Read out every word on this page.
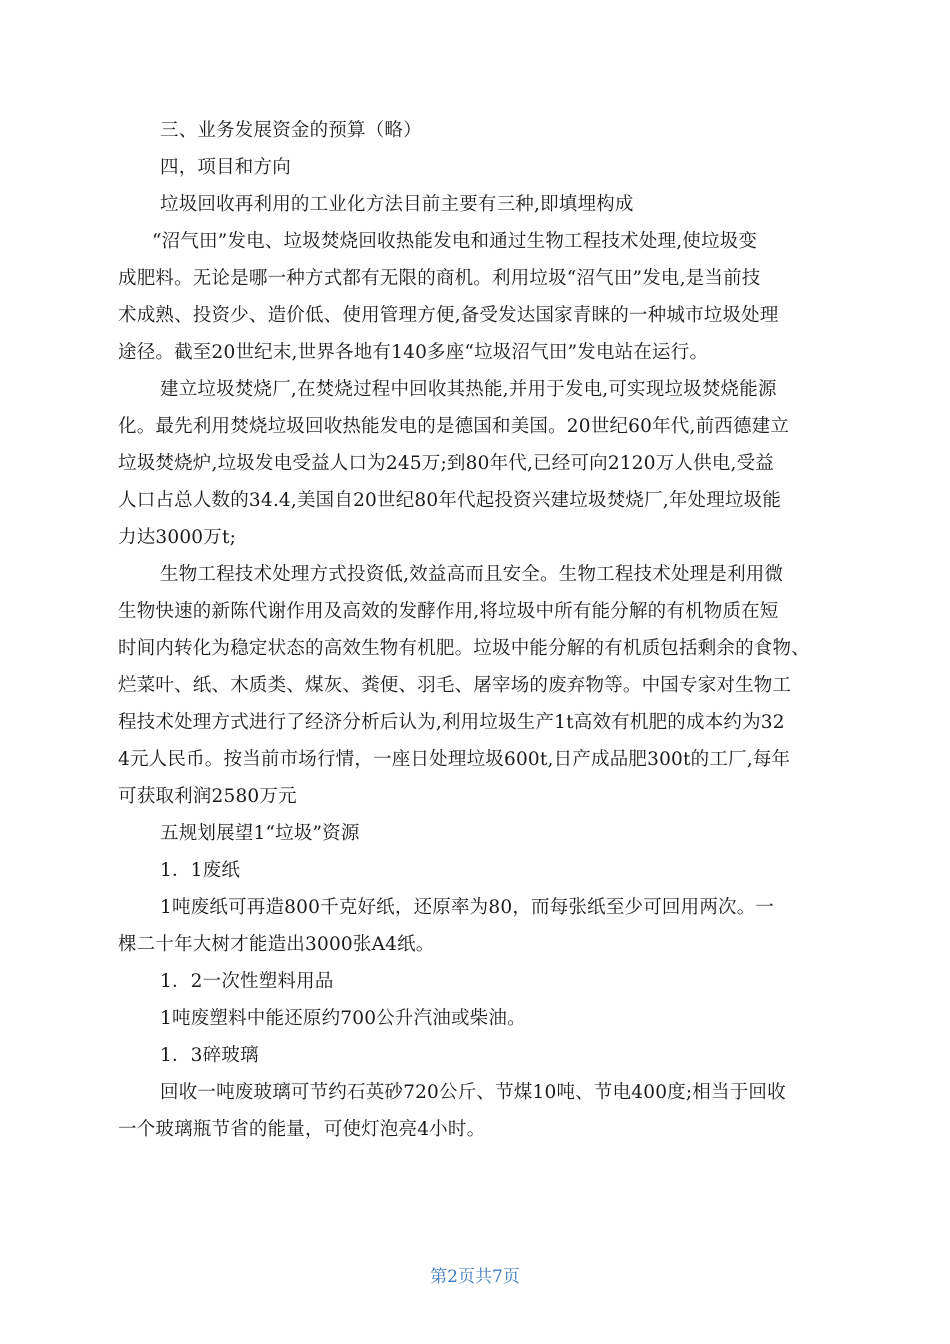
三、业务发展资金的预算（略）
四，项目和方向
垃圾回收再利用的工业化方法目前主要有三种,即填埋构成
“沼气田”发电、垃圾焚烧回收热能发电和通过生物工程技术处理,使垃圾变
成肥料。无论是哪一种方式都有无限的商机。利用垃圾“沼气田”发电,是当前技
术成熟、投资少、造价低、使用管理方便,备受发达国家青睐的一种城市垃圾处理
途径。截至20世纪末,世界各地有140多座“垃圾沼气田”发电站在运行。
建立垃圾焚烧厂,在焚烧过程中回收其热能,并用于发电,可实现垃圾焚烧能源
化。最先利用焚烧垃圾回收热能发电的是德国和美国。20世纪60年代,前西德建立
垃圾焚烧炉,垃圾发电受益人口为245万;到80年代,已经可向2120万人供电,受益
人口占总人数的34.4,美国自20世纪80年代起投资兴建垃圾焚烧厂,年处理垃圾能
力达3000万t;
生物工程技术处理方式投资低,效益高而且安全。生物工程技术处理是利用微
生物快速的新陈代谢作用及高效的发酵作用,将垃圾中所有能分解的有机物质在短
时间内转化为稳定状态的高效生物有机肥。垃圾中能分解的有机质包括剩余的食物、
烂菜叶、纸、木质类、煤灰、粪便、羽毛、屠宰场的废弃物等。中国专家对生物工
程技术处理方式进行了经济分析后认为,利用垃圾生产1t高效有机肥的成本约为32
4元人民币。按当前市场行情，一座日处理垃圾600t,日产成品肥300t的工厂,每年
可获取利润2580万元
五规划展望1“垃圾”资源
1．1废纸
1吨废纸可再造800千克好纸，还原率为80，而每张纸至少可回用两次。一
棵二十年大树才能造出3000张A4纸。
1．2一次性塑料用品
1吨废塑料中能还原约700公升汽油或柴油。
1．3碎玻璃
回收一吨废玻璃可节约石英砂720公斤、节煤10吨、节电400度;相当于回收
一个玻璃瓶节省的能量，可使灯泡亮4小时。
第2页共7页
